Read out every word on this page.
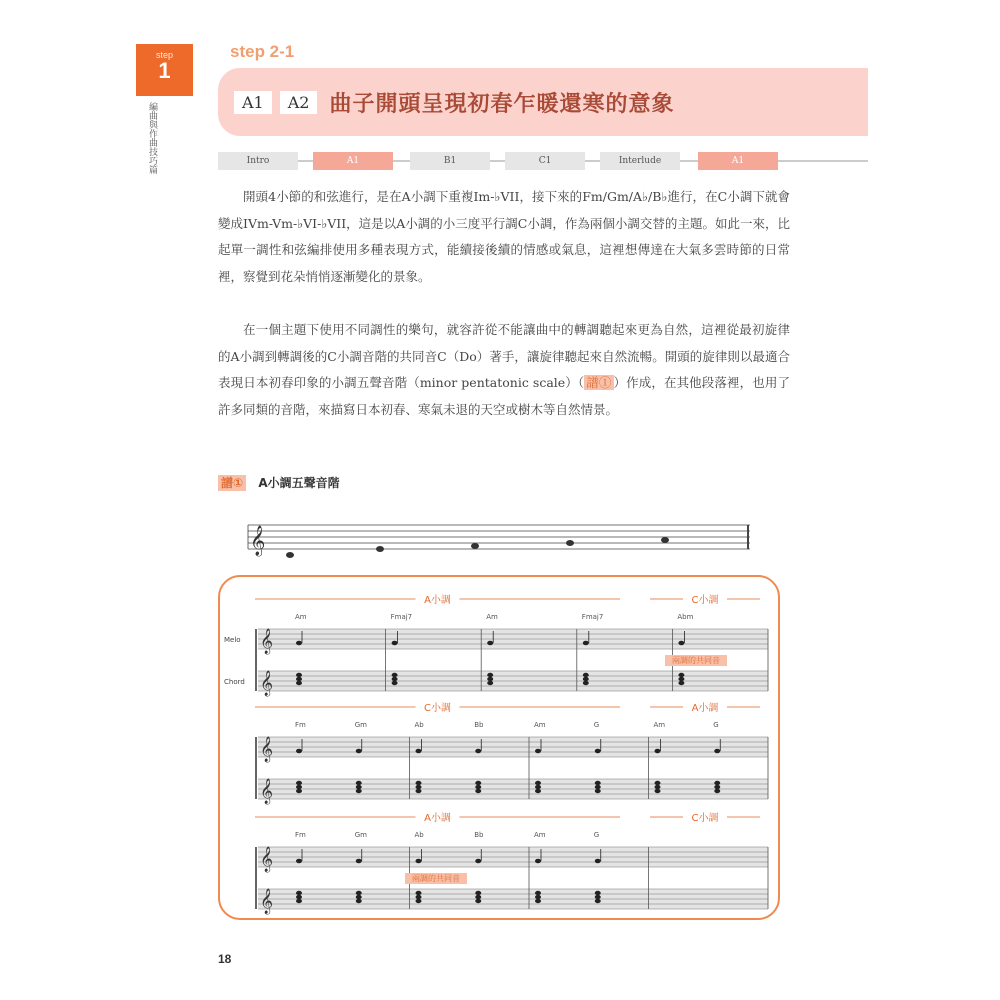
step
1
編曲與作曲技巧篇
step 2-1
A1	A2 曲子開頭呈現初春乍暖還寒的意象
Intro	A1	B1	C1	Interlude	A1

開頭4小節的和弦進行，是在A小調下重複Im-♭VII，接下來的Fm/Gm/A♭/B♭進行，在C小調下就會變成IVm-Vm-♭VI-♭VII，這是以A小調的小三度平行調C小調，作為兩個小調交替的主題。如此一來，比起單一調性和弦編排使用多種表現方式，能續接後續的情感或氣息，這裡想傳達在大氣多雲時節的日常裡，察覺到花朵悄悄逐漸變化的景象。

在一個主題下使用不同調性的樂句，就容許從不能讓曲中的轉調聽起來更為自然，這裡從最初旋律的A小調到轉調後的C小調音階的共同音C（Do）著手，讓旋律聽起來自然流暢。開頭的旋律則以最適合表現日本初春印象的小調五聲音階（minor pentatonic scale）（ 譜① ）作成，在其他段落裡，也用了許多同類的音階，來描寫日本初春、寒氣未退的天空或樹木等自然情景。

譜① A小調五聲音階
𝄞
A小調	C小調
𝄞
Melo
𝄞
Chord
Am	Fmaj7	Am	Fmaj7	Abm
兩調的共同音
C小調	A小調
𝄞
𝄞
Fm	Gm	Ab	Bb	Am	G	Am	G
A小調	C小調
𝄞
𝄞
Fm	Gm	Ab	Bb	Am	G
兩調的共同音
18
